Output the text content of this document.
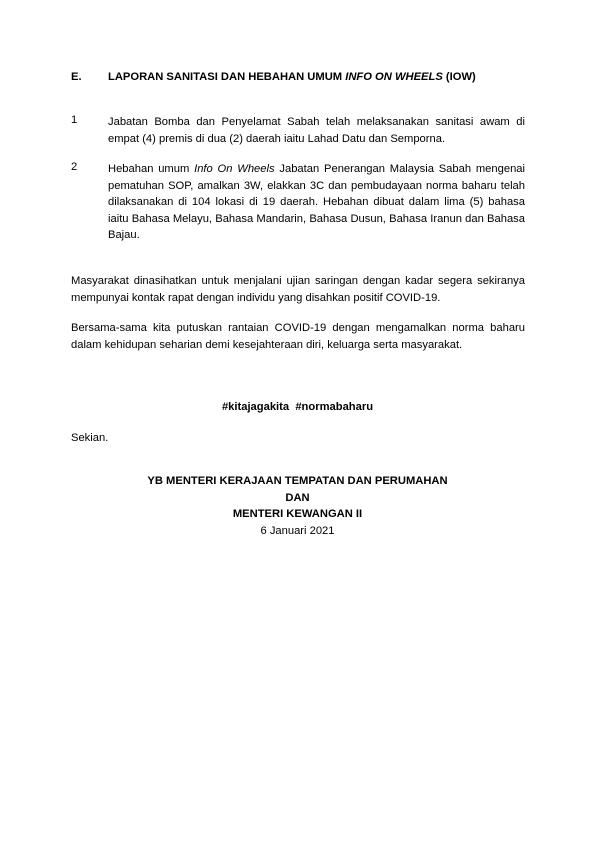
E. LAPORAN SANITASI DAN HEBAHAN UMUM INFO ON WHEELS (IOW)
1	Jabatan Bomba dan Penyelamat Sabah telah melaksanakan sanitasi awam di empat (4) premis di dua (2) daerah iaitu Lahad Datu dan Semporna.
2	Hebahan umum Info On Wheels Jabatan Penerangan Malaysia Sabah mengenai pematuhan SOP, amalkan 3W, elakkan 3C dan pembudayaan norma baharu telah dilaksanakan di 104 lokasi di 19 daerah. Hebahan dibuat dalam lima (5) bahasa iaitu Bahasa Melayu, Bahasa Mandarin, Bahasa Dusun, Bahasa Iranun dan Bahasa Bajau.
Masyarakat dinasihatkan untuk menjalani ujian saringan dengan kadar segera sekiranya mempunyai kontak rapat dengan individu yang disahkan positif COVID-19.
Bersama-sama kita putuskan rantaian COVID-19 dengan mengamalkan norma baharu dalam kehidupan seharian demi kesejahteraan diri, keluarga serta masyarakat.
#kitajagakita  #normabaharu
Sekian.
YB MENTERI KERAJAAN TEMPATAN DAN PERUMAHAN
DAN
MENTERI KEWANGAN II
6 Januari 2021
